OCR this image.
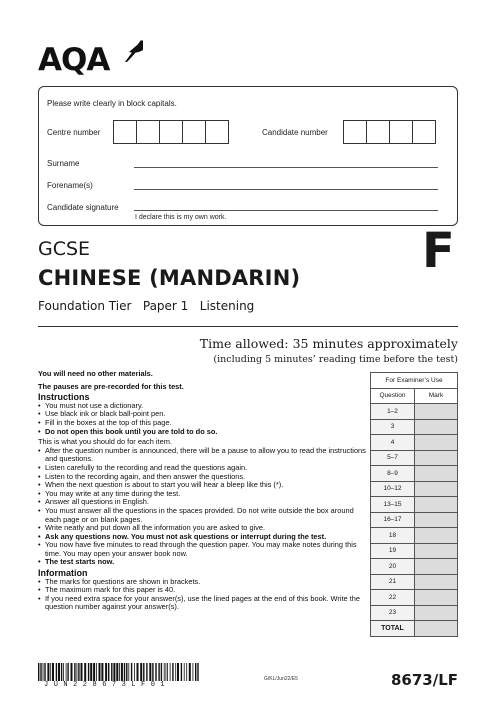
AQA
Please write clearly in block capitals.
Centre number	Candidate number
Surname
Forename(s)
Candidate signature
I declare this is my own work.
GCSE
CHINESE (MANDARIN)
Foundation Tier Paper 1 Listening
F
Time allowed: 35 minutes approximately
(including 5 minutes’ reading time before the test)

You will need no other materials.

The pauses are pre-recorded for this test.

Instructions
• You must not use a dictionary.
• Use black ink or black ball-point pen.
• Fill in the boxes at the top of this page.
• Do not open this book until you are told to do so.

This is what you should do for each item.

• After the question number is announced, there will be a pause to allow you to read the instructions and questions.
• Listen carefully to the recording and read the questions again.
• Listen to the recording again, and then answer the questions.
• When the next question is about to start you will hear a bleep like this (*).
• You may write at any time during the test.
• Answer all questions in English.
• You must answer all the questions in the spaces provided. Do not write outside the box around each page or on blank pages.
• Write neatly and put down all the information you are asked to give.
• Ask any questions now. You must not ask questions or interrupt during the test.
• You now have five minutes to read through the question paper. You may make notes during this time. You may open your answer book now.
• The test starts now.
Information
• The marks for questions are shown in brackets.
• The maximum mark for this paper is 40.
• If you need extra space for your answer(s), use the lined pages at the end of this book. Write the question number against your answer(s).
For Examiner’s Use	
Question	Mark
1–2	
3	
4	
5–7	
8–9	
10–12	
13–15	
16–17	
18	
19	
20	
21	
22	
23	
TOTAL	
JUN228673LF01
G/KL/Jun22/E5	8673/LF
